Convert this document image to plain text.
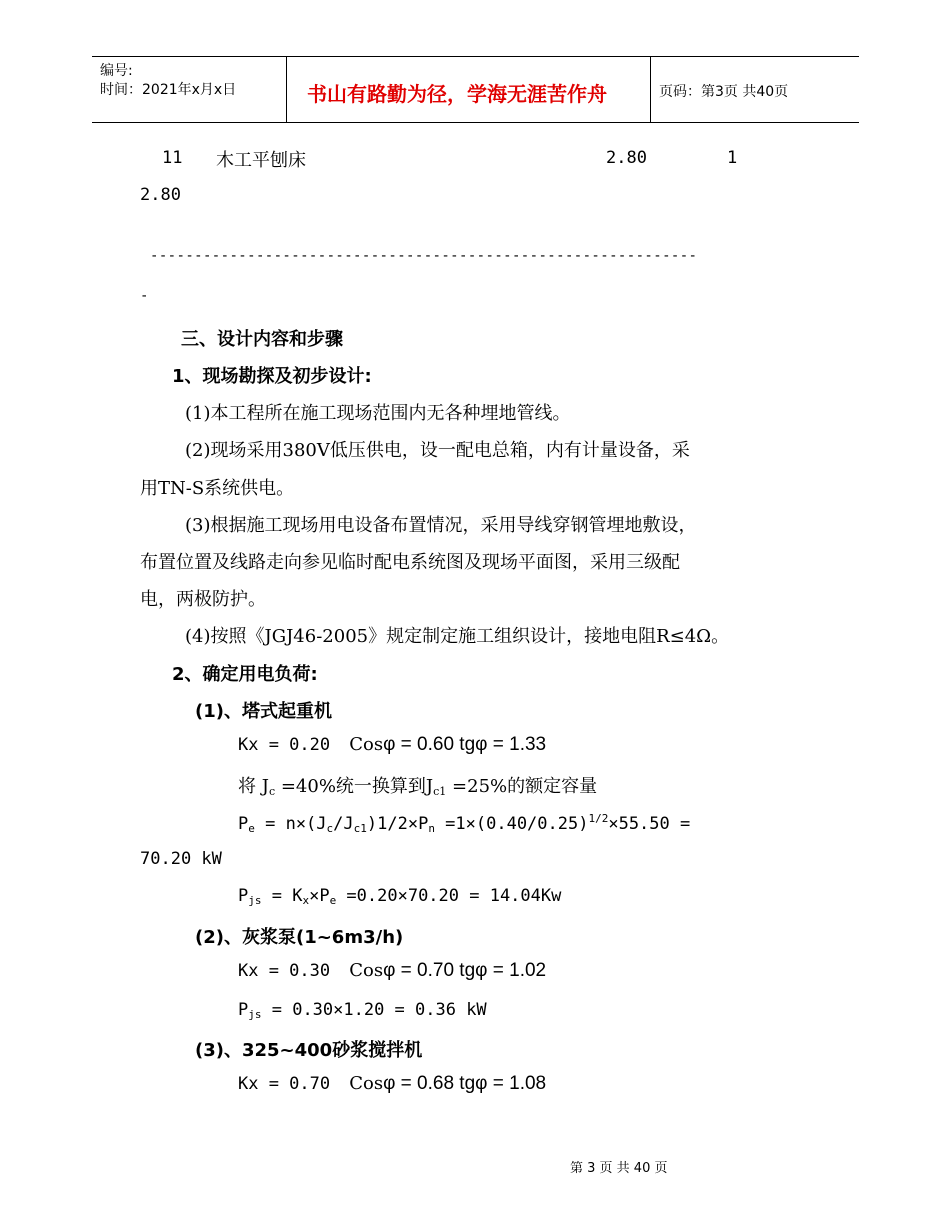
编号:
时间：2021年x月x日	书山有路勤为径，学海无涯苦作舟	页码：第3页 共40页
11 木工平刨床	2.80	1
2.80
--------------------------------------------------------------
-
三、设计内容和步骤
1、现场勘探及初步设计:
(1)本工程所在施工现场范围内无各种埋地管线。
(2)现场采用380V低压供电，设一配电总箱，内有计量设备，采
用TN-S系统供电。
(3)根据施工现场用电设备布置情况，采用导线穿钢管埋地敷设，
布置位置及线路走向参见临时配电系统图及现场平面图，采用三级配
电，两极防护。
(4)按照《JGJ46-2005》规定制定施工组织设计，接地电阻R≤4Ω。
2、确定用电负荷:
(1)、塔式起重机
Kx = 0.20 Cosφ = 0.60 tgφ = 1.33
将 $J_c =40\%$统一换算到$J_{c1} =25\%$的额定容量
$P_e = n\times(J_c/J_{c1})1/2\times P_n =1\times(0.40/0.25)^{1/2}\times 55.50$ =
70.20 kW
$P_{js} = K_x\times P_e =0.20\times 70.20 = 14.04Kw$
(2)、灰浆泵(1~6m3/h)
Kx = 0.30 Cosφ = 0.70 tgφ = 1.02
$P_{js} = 0.30\times 1.20 = 0.36$ kW
(3)、325~400砂浆搅拌机
Kx = 0.70 Cosφ = 0.68 tgφ = 1.08
第 3 页 共 40 页
